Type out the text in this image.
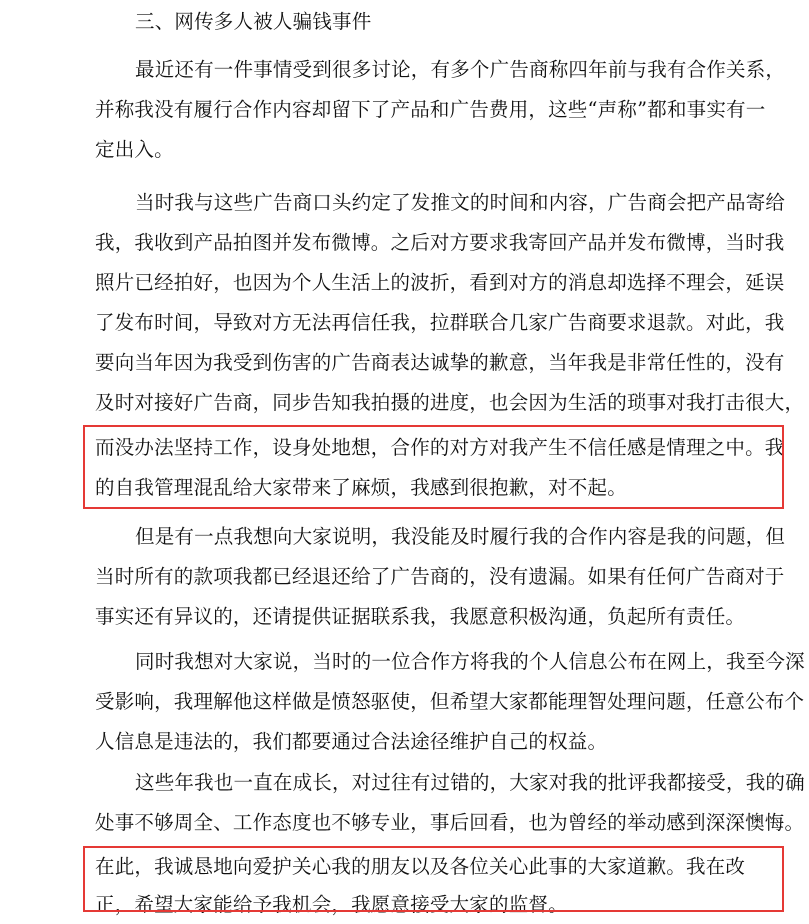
三、网传多人被人骗钱事件
最近还有一件事情受到很多讨论，有多个广告商称四年前与我有合作关系，
并称我没有履行合作内容却留下了产品和广告费用，这些“声称”都和事实有一
定出入。
当时我与这些广告商口头约定了发推文的时间和内容，广告商会把产品寄给
我，我收到产品拍图并发布微博。之后对方要求我寄回产品并发布微博，当时我
照片已经拍好，也因为个人生活上的波折，看到对方的消息却选择不理会，延误
了发布时间，导致对方无法再信任我，拉群联合几家广告商要求退款。对此，我
要向当年因为我受到伤害的广告商表达诚挚的歉意，当年我是非常任性的，没有
及时对接好广告商，同步告知我拍摄的进度，也会因为生活的琐事对我打击很大，
而没办法坚持工作，设身处地想，合作的对方对我产生不信任感是情理之中。我
的自我管理混乱给大家带来了麻烦，我感到很抱歉，对不起。
但是有一点我想向大家说明，我没能及时履行我的合作内容是我的问题，但
当时所有的款项我都已经退还给了广告商的，没有遗漏。如果有任何广告商对于
事实还有异议的，还请提供证据联系我，我愿意积极沟通，负起所有责任。
同时我想对大家说，当时的一位合作方将我的个人信息公布在网上，我至今深
受影响，我理解他这样做是愤怒驱使，但希望大家都能理智处理问题，任意公布个
人信息是违法的，我们都要通过合法途径维护自己的权益。
这些年我也一直在成长，对过往有过错的，大家对我的批评我都接受，我的确
处事不够周全、工作态度也不够专业，事后回看，也为曾经的举动感到深深懊悔。
在此，我诚恳地向爱护关心我的朋友以及各位关心此事的大家道歉。我在改
正，希望大家能给予我机会，我愿意接受大家的监督。
